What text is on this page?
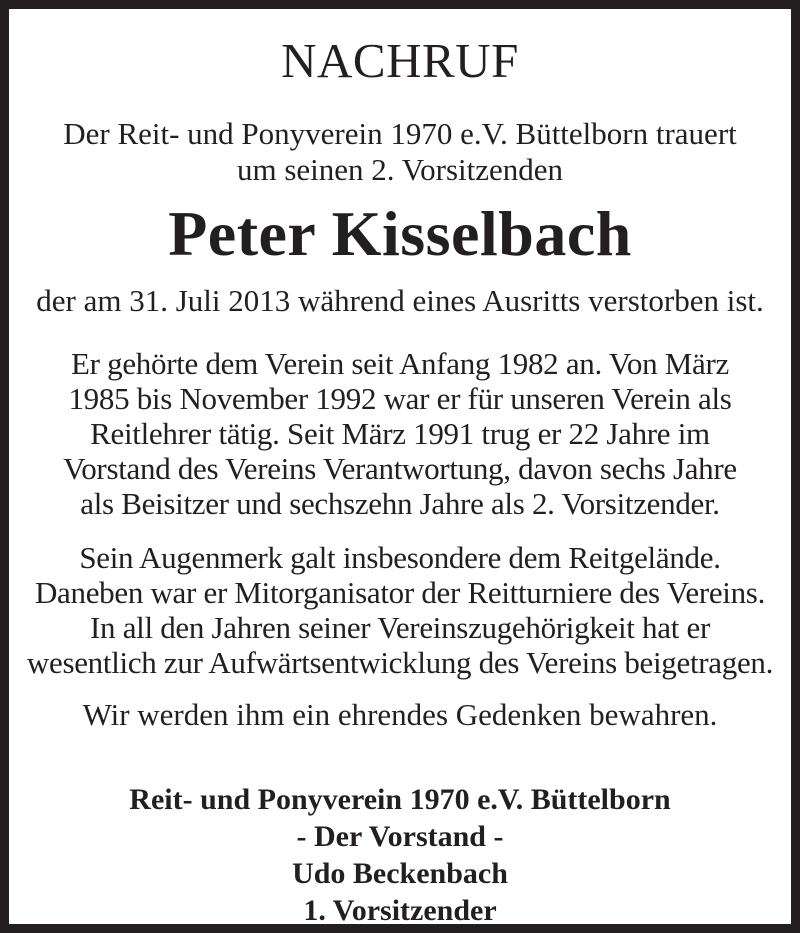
NACHRUF
Der Reit- und Ponyverein 1970 e.V. Büttelborn trauert
um seinen 2. Vorsitzenden
Peter Kisselbach
der am 31. Juli 2013 während eines Ausritts verstorben ist.
Er gehörte dem Verein seit Anfang 1982 an. Von März
1985 bis November 1992 war er für unseren Verein als
Reitlehrer tätig. Seit März 1991 trug er 22 Jahre im
Vorstand des Vereins Verantwortung, davon sechs Jahre
als Beisitzer und sechszehn Jahre als 2. Vorsitzender.
Sein Augenmerk galt insbesondere dem Reitgelände.
Daneben war er Mitorganisator der Reitturniere des Vereins.
In all den Jahren seiner Vereinszugehörigkeit hat er
wesentlich zur Aufwärtsentwicklung des Vereins beigetragen.
Wir werden ihm ein ehrendes Gedenken bewahren.
Reit- und Ponyverein 1970 e.V. Büttelborn
- Der Vorstand -
Udo Beckenbach
1. Vorsitzender
